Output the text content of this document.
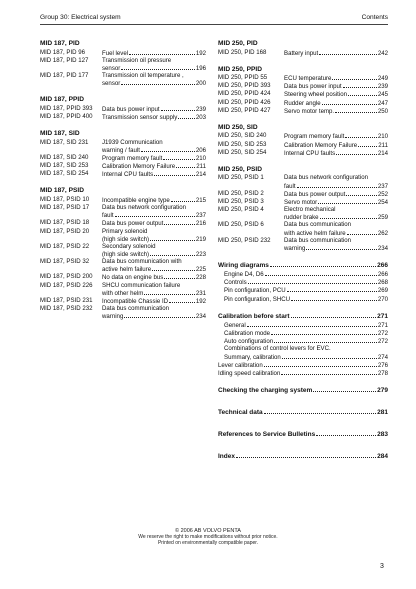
Group 30: Electrical system	Contents
MID 187, PID
MID 187, PID 96	Fuel level	192
MID 187, PID 127	Transmission oil pressure
sensor	196
MID 187, PID 177	Transmission oil temperature ,
sensor	200
MID 187, PPID
MID 187, PPID 393	Data bus power input	239
MID 187, PPID 400	Transmission sensor supply	203
MID 187, SID
MID 187, SID 231	J1939 Communication
warning / fault	206
MID 187, SID 240	Program memory fault	210
MID 187, SID 253	Calibration Memory Failure	211
MID 187, SID 254	Internal CPU faults	214
MID 187, PSID
MID 187, PSID 10	Incompatible engine type	215
MID 187, PSID 17	Data bus network configuration
fault	237
MID 187, PSID 18	Data bus power output	216
MID 187, PSID 20	Primary solenoid
(high side switch)	219
MID 187, PSID 22	Secondary solenoid
(high side switch)	223
MID 187, PSID 32	Data bus communication with
active helm failure	225
MID 187, PSID 200	No data on engine bus	228
MID 187, PSID 226	SHCU communication failure
with other helm	231
MID 187, PSID 231	Incompatible Chassie ID	192
MID 187, PSID 232	Data bus communication
warning	234
MID 250, PID
MID 250, PID 168	Battery input	242
MID 250, PPID
MID 250, PPID 55	ECU temperature	249
MID 250, PPID 393	Data bus power input	239
MID 250, PPID 424	Steering wheel position	245
MID 250, PPID 426	Rudder angle	247
MID 250, PPID 427	Servo motor temp.	250
MID 250, SID
MID 250, SID 240	Program memory fault	210
MID 250, SID 253	Calibration Memory Failure	211
MID 250, SID 254	Internal CPU faults	214
MID 250, PSID
MID 250, PSID 1	Data bus network configuration
fault	237
MID 250, PSID 2	Data bus power output	252
MID 250, PSID 3	Servo motor	254
MID 250, PSID 4	Electro mechanical
rudder brake	259
MID 250, PSID 6	Data bus communication
with active helm failure	262
MID 250, PSID 232	Data bus communication
warning	234
Wiring diagrams	266
Engine D4, D6	266
Controls	268
Pin configuration, PCU	269
Pin configuration, SHCU	270
Calibration before start	271
General	271
Calibration mode	272
Auto configuration	272
Combinations of control levers for EVC.
Summary, calibration	274
Lever calibration	276
Idling speed calibration	278
Checking the charging system	279
Technical data	281
References to Service Bulletins	283
Index	284
© 2006 AB VOLVO PENTA
We reserve the right to make modifications without prior notice.
Printed on environmentally compatible paper.
3
